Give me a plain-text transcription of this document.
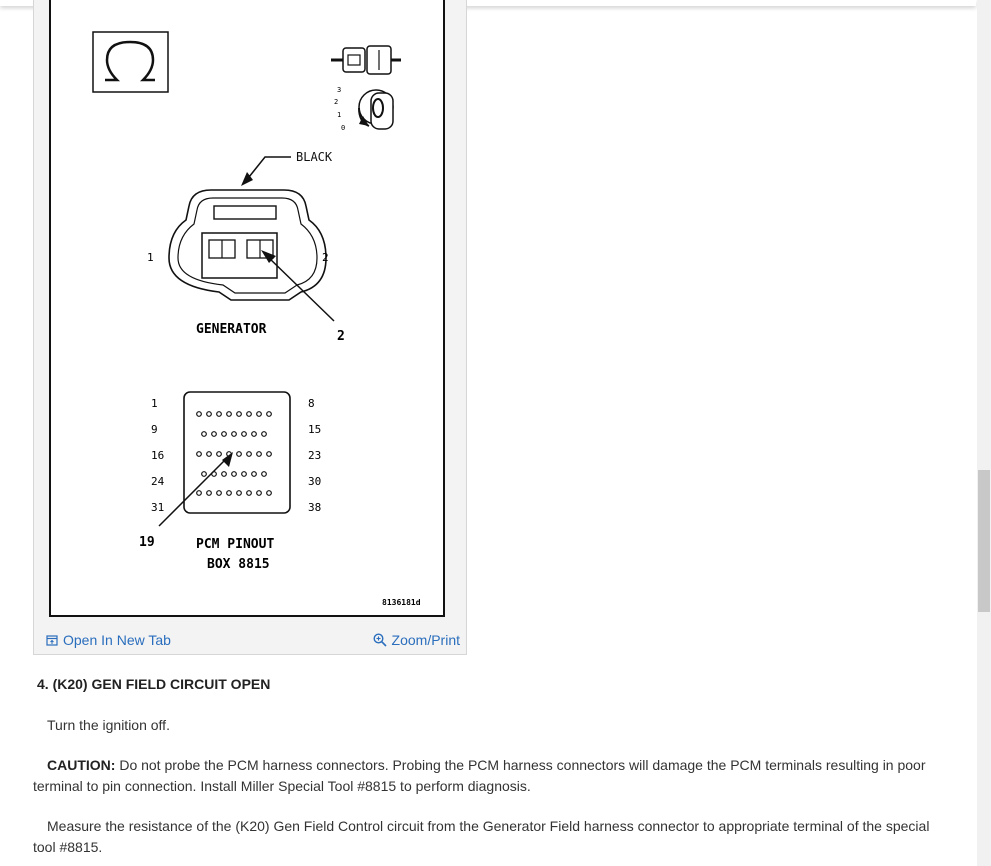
3
2
1
0
BLACK
1	2
GENERATOR	2
1
9
16
24
31
8
15
23
30
38
19	PCM PINOUT
BOX 8815
8136181d
Open In New Tab	Zoom/Print
4. (K20) GEN FIELD CIRCUIT OPEN
Turn the ignition off.
CAUTION: Do not probe the PCM harness connectors. Probing the PCM harness connectors will damage the PCM terminals resulting in poor terminal to pin connection. Install Miller Special Tool #8815 to perform diagnosis.
Measure the resistance of the (K20) Gen Field Control circuit from the Generator Field harness connector to appropriate terminal of the special tool #8815.
